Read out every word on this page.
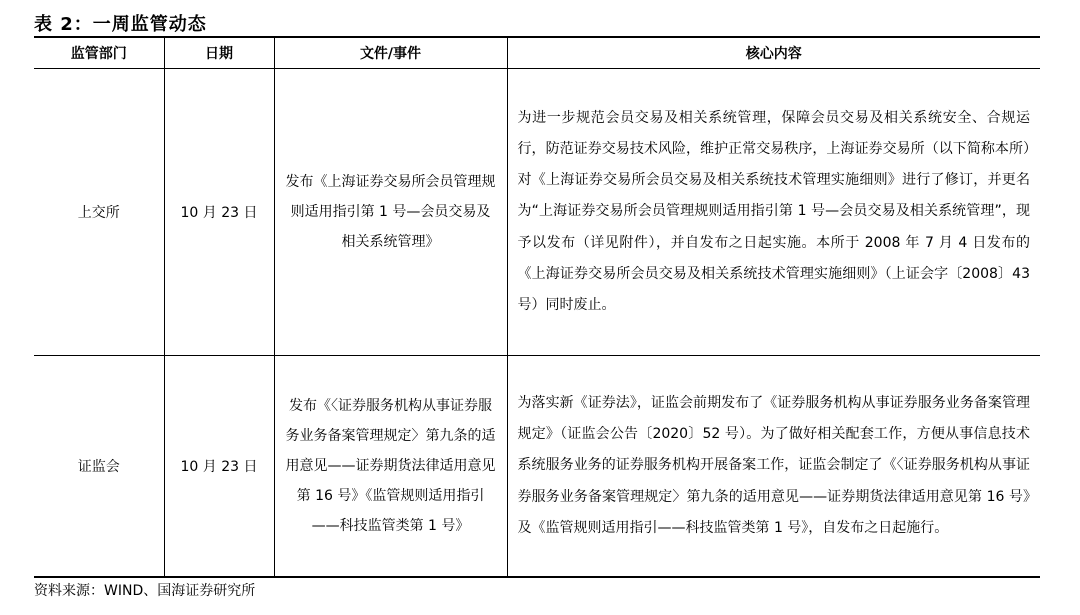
表 2：一周监管动态
监管部门	日期	文件/事件	核心内容
上交所	10 月 23 日	发布《上海证券交易所会员管理规则适用指引第 1 号—会员交易及相关系统管理》	为进一步规范会员交易及相关系统管理，保障会员交易及相关系统安全、合规运行，防范证券交易技术风险，维护正常交易秩序，上海证券交易所（以下简称本所）对《上海证券交易所会员交易及相关系统技术管理实施细则》进行了修订，并更名为“上海证券交易所会员管理规则适用指引第 1 号—会员交易及相关系统管理”，现予以发布（详见附件），并自发布之日起实施。本所于 2008 年 7 月 4 日发布的《上海证券交易所会员交易及相关系统技术管理实施细则》（上证会字〔2008〕43 号）同时废止。
证监会	10 月 23 日	发布《〈证券服务机构从事证券服务业务备案管理规定〉第九条的适用意见——证券期货法律适用意见第 16 号》《监管规则适用指引——科技监管类第 1 号》	为落实新《证券法》，证监会前期发布了《证券服务机构从事证券服务业务备案管理规定》（证监会公告〔2020〕52 号）。为了做好相关配套工作，方便从事信息技术系统服务业务的证券服务机构开展备案工作，证监会制定了《〈证券服务机构从事证券服务业务备案管理规定〉第九条的适用意见——证券期货法律适用意见第 16 号》及《监管规则适用指引——科技监管类第 1 号》，自发布之日起施行。
资料来源：WIND、国海证券研究所
